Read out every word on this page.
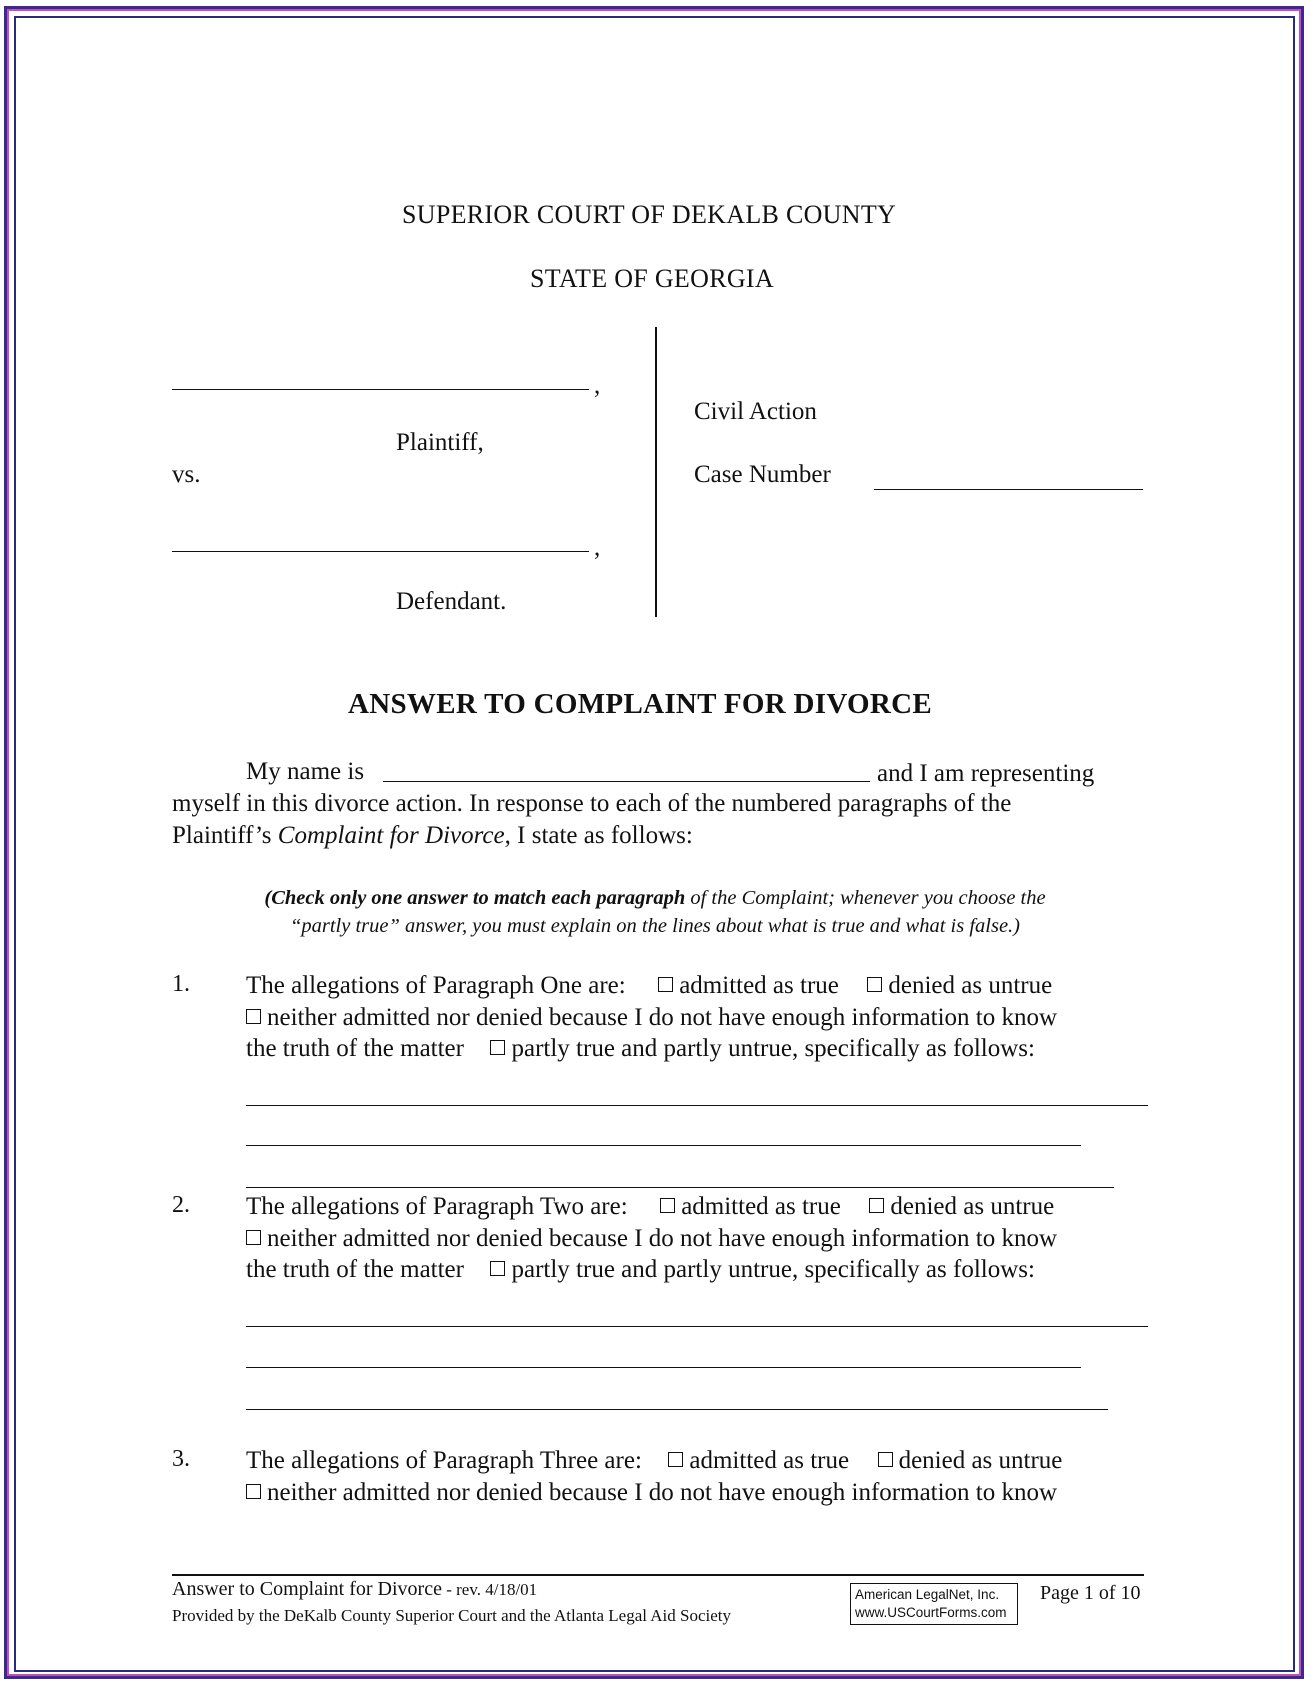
SUPERIOR COURT OF DEKALB COUNTY
STATE OF GEORGIA
,
Plaintiff,
vs.
,
Defendant.
Civil Action
Case Number
ANSWER TO COMPLAINT FOR DIVORCE
My name is	and I am representing
myself in this divorce action. In response to each of the numbered paragraphs of the
Plaintiff’s Complaint for Divorce, I state as follows:
(Check only one answer to match each paragraph of the Complaint; whenever you choose the
“partly true” answer, you must explain on the lines about what is true and what is false.)
1. The allegations of Paragraph One are: admitted as true denied as untrue
neither admitted nor denied because I do not have enough information to know
the truth of the matter partly true and partly untrue, specifically as follows:
2. The allegations of Paragraph Two are: admitted as true denied as untrue
neither admitted nor denied because I do not have enough information to know
the truth of the matter partly true and partly untrue, specifically as follows:
3. The allegations of Paragraph Three are: admitted as true denied as untrue
neither admitted nor denied because I do not have enough information to know
Answer to Complaint for Divorce - rev. 4/18/01
Provided by the DeKalb County Superior Court and the Atlanta Legal Aid Society
American LegalNet, Inc.
www.USCourtForms.com
Page 1 of 10
